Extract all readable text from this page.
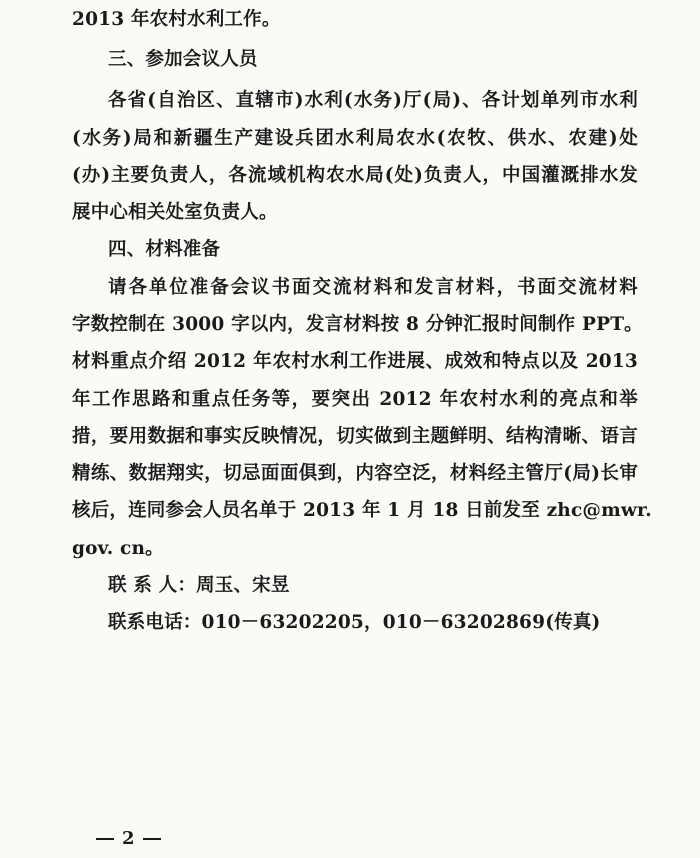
2013 年农村水利工作。

三、参加会议人员

各省(自治区、直辖市)水利(水务)厅(局)、各计划单列市水利

(水务)局和新疆生产建设兵团水利局农水(农牧、供水、农建)处

(办)主要负责人，各流域机构农水局(处)负责人，中国灌溉排水发

展中心相关处室负责人。

四、材料准备

请各单位准备会议书面交流材料和发言材料，书面交流材料

字数控制在 3000 字以内，发言材料按 8 分钟汇报时间制作 PPT。

材料重点介绍 2012 年农村水利工作进展、成效和特点以及 2013

年工作思路和重点任务等，要突出 2012 年农村水利的亮点和举

措，要用数据和事实反映情况，切实做到主题鲜明、结构清晰、语言

精练、数据翔实，切忌面面俱到，内容空泛，材料经主管厅(局)长审

核后，连同参会人员名单于 2013 年 1 月 18 日前发至 zhc@mwr.

gov. cn。

联 系 人：周玉、宋昱

联系电话：010－63202205，010－63202869(传真)

2
